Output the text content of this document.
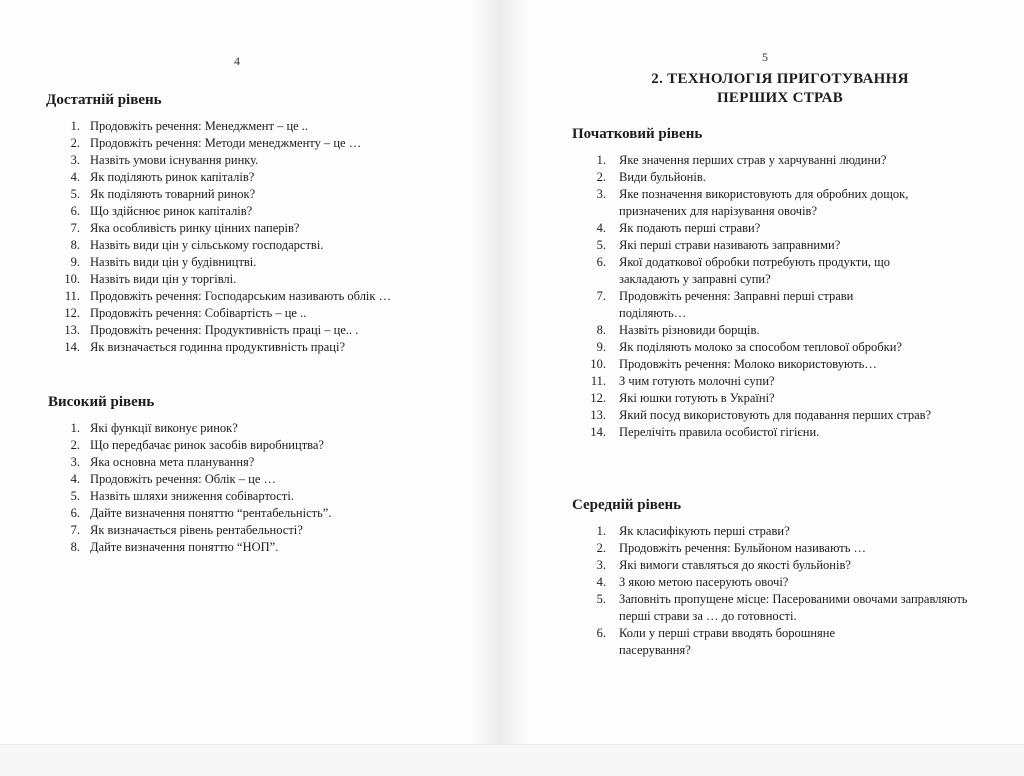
4
Достатній рівень
1. Продовжіть речення: Менеджмент – це ..
2. Продовжіть речення: Методи менеджменту – це …
3. Назвіть умови існування ринку.
4. Як поділяють ринок капіталів?
5. Як поділяють товарний ринок?
6. Що здійснює ринок капіталів?
7. Яка особливість ринку цінних паперів?
8. Назвіть види цін у сільському господарстві.
9. Назвіть види цін у будівництві.
10. Назвіть види цін у торгівлі.
11. Продовжіть речення: Господарським називають облік …
12. Продовжіть речення: Собівартість – це ..
13. Продовжіть речення: Продуктивність праці – це.. .
14. Як визначається годинна продуктивність праці?
Високий рівень
1. Які функції виконує ринок?
2. Що передбачає ринок засобів виробництва?
3. Яка основна мета планування?
4. Продовжіть речення: Облік – це …
5. Назвіть шляхи зниження собівартості.
6. Дайте визначення поняттю “рентабельність”.
7. Як визначається рівень рентабельності?
8. Дайте визначення поняттю “НОП”.
5
2. ТЕХНОЛОГІЯ ПРИГОТУВАННЯ
ПЕРШИХ СТРАВ
Початковий рівень
1. Яке значення перших страв у харчуванні людини?
2. Види бульйонів.
3. Яке позначення використовують для обробних дощок, призначених для нарізування овочів?
4. Як подають перші страви?
5. Які перші страви називають заправними?
6. Якої додаткової обробки потребують продукти, що закладають у заправні супи?
7. Продовжіть речення: Заправні перші страви поділяють…
8. Назвіть різновиди борщів.
9. Як поділяють молоко за способом теплової обробки?
10. Продовжіть речення: Молоко використовують…
11. З чим готують молочні супи?
12. Які юшки готують в Україні?
13. Який посуд використовують для подавання перших страв?
14. Перелічіть правила особистої гігієни.
Середній рівень
1. Як класифікують перші страви?
2. Продовжіть речення: Бульйоном називають …
3. Які вимоги ставляться до якості бульйонів?
4. З якою метою пасерують овочі?
5. Заповніть пропущене місце: Пасерованими овочами заправляють перші страви за … до готовності.
6. Коли у перші страви вводять борошняне пасерування?
